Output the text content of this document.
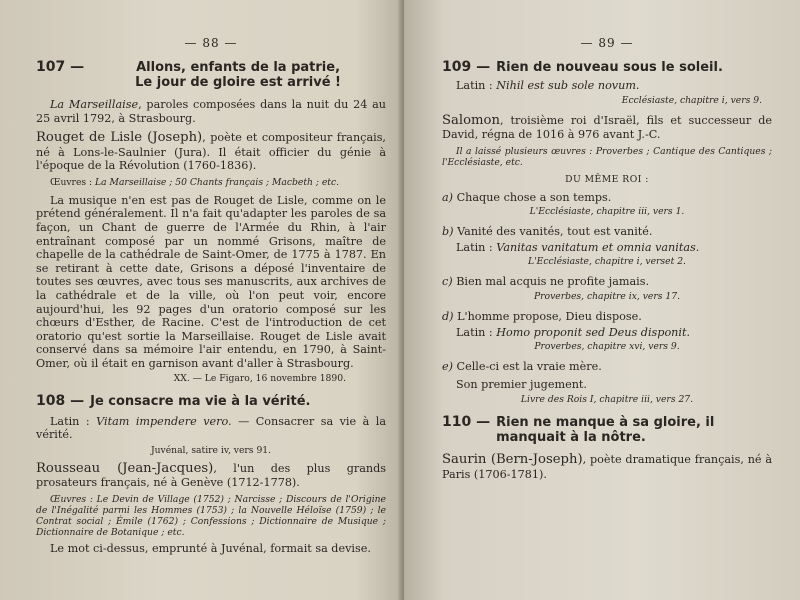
— 88 —
107 —	Allons, enfants de la patrie,
Le jour de gloire est arrivé !

La Marseillaise, paroles composées dans la nuit du 24 au 25 avril 1792, à Strasbourg.

Rouget de Lisle (Joseph), poète et compositeur français, né à Lons-le-Saulnier (Jura). Il était officier du génie à l'époque de la Révolution (1760-1836).

Œuvres : La Marseillaise ; 50 Chants français ; Macbeth ; etc.

La musique n'en est pas de Rouget de Lisle, comme on le prétend généralement. Il n'a fait qu'adapter les paroles de sa façon, un Chant de guerre de l'Armée du Rhin, à l'air entraînant composé par un nommé Grisons, maître de chapelle de la cathédrale de Saint-Omer, de 1775 à 1787. En se retirant à cette date, Grisons a déposé l'inventaire de toutes ses œuvres, avec tous ses manuscrits, aux archives de la cathédrale et de la ville, où l'on peut voir, encore aujourd'hui, les 92 pages d'un oratorio composé sur les chœurs d'Esther, de Racine. C'est de l'introduction de cet oratorio qu'est sortie la Marseillaise. Rouget de Lisle avait conservé dans sa mémoire l'air entendu, en 1790, à Saint-Omer, où il était en garnison avant d'aller à Strasbourg.

XX. — Le Figaro, 16 novembre 1890.

108 — Je consacre ma vie à la vérité.

Latin : Vitam impendere vero. — Consacrer sa vie à la vérité.

Juvénal, satire iv, vers 91.

Rousseau (Jean-Jacques), l'un des plus grands prosateurs français, né à Genève (1712-1778).

Œuvres : Le Devin de Village (1752) ; Narcisse ; Discours de l'Origine de l'Inégalité parmi les Hommes (1753) ; la Nouvelle Héloïse (1759) ; le Contrat social ; Émile (1762) ; Confessions ; Dictionnaire de Musique ; Dictionnaire de Botanique ; etc.

Le mot ci-dessus, emprunté à Juvénal, formait sa devise.

— 89 —
109 — Rien de nouveau sous le soleil.

Latin : Nihil est sub sole novum.

Ecclésiaste, chapitre i, vers 9.

Salomon, troisième roi d'Israël, fils et successeur de David, régna de 1016 à 976 avant J.-C.

Il a laissé plusieurs œuvres : Proverbes ; Cantique des Cantiques ; l'Ecclésiaste, etc.

DU MÊME ROI :

a) Chaque chose a son temps.

L'Ecclésiaste, chapitre iii, vers 1.

b) Vanité des vanités, tout est vanité.

Latin : Vanitas vanitatum et omnia vanitas.

L'Ecclésiaste, chapitre i, verset 2.

c) Bien mal acquis ne profite jamais.

Proverbes, chapitre ix, vers 17.

d) L'homme propose, Dieu dispose.

Latin : Homo proponit sed Deus disponit.

Proverbes, chapitre xvi, vers 9.

e) Celle-ci est la vraie mère.

Son premier jugement.

Livre des Rois I, chapitre iii, vers 27.

110 — Rien ne manque à sa gloire, il manquait à la nôtre.

Saurin (Bern-Joseph), poète dramatique français, né à Paris (1706-1781).
